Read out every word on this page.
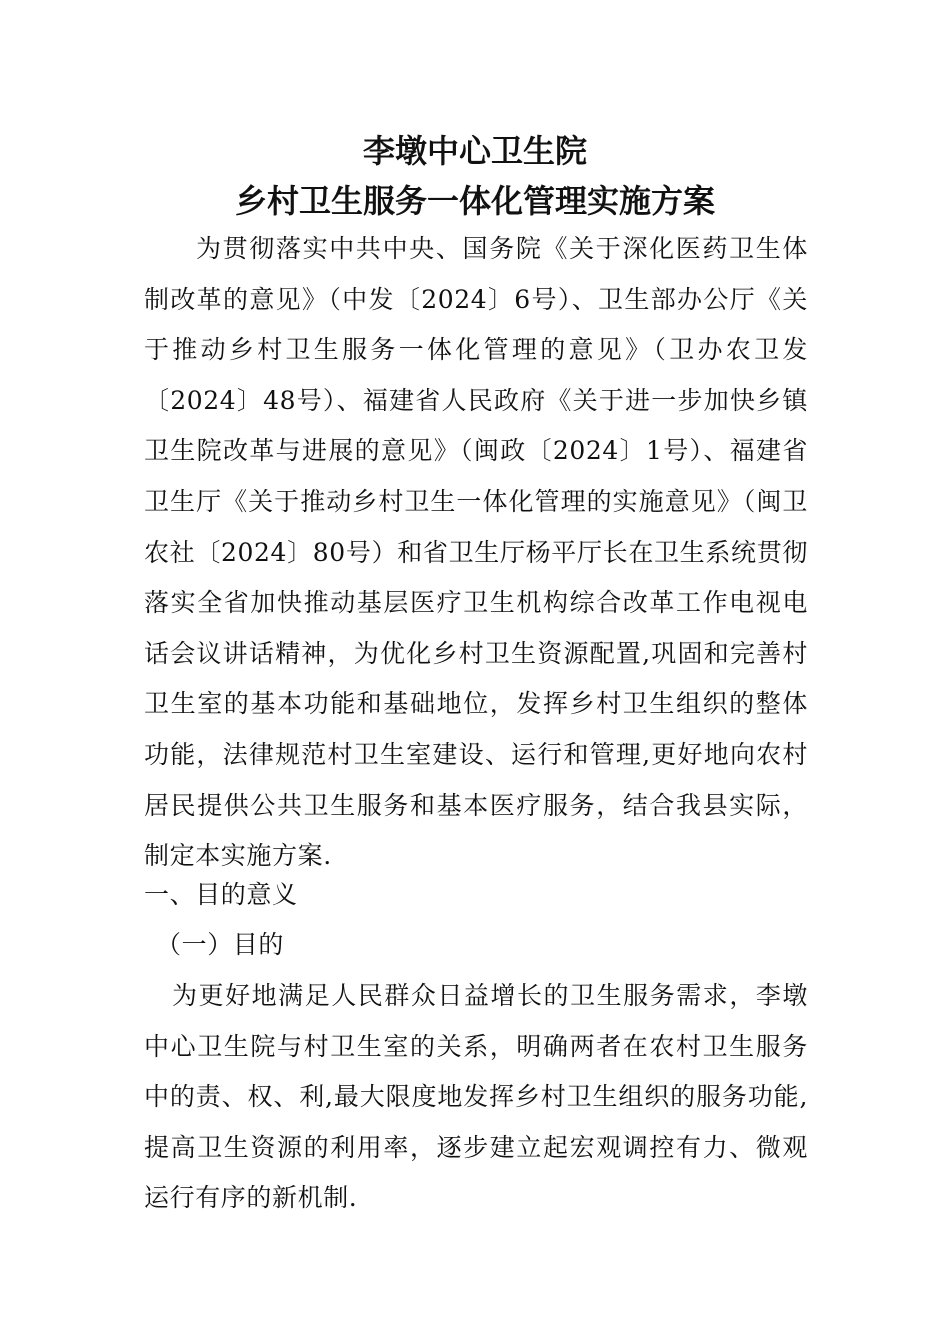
李墩中心卫生院
乡村卫生服务一体化管理实施方案

为贯彻落实中共中央、国务院《关于深化医药卫生体制改革的意见》（中发〔2024〕6号）、卫生部办公厅《关于推动乡村卫生服务一体化管理的意见》（卫办农卫发〔2024〕48号）、福建省人民政府《关于进一步加快乡镇卫生院改革与进展的意见》（闽政〔2024〕1号）、福建省卫生厅《关于推动乡村卫生一体化管理的实施意见》（闽卫农社〔2024〕80号）和省卫生厅杨平厅长在卫生系统贯彻落实全省加快推动基层医疗卫生机构综合改革工作电视电话会议讲话精神，为优化乡村卫生资源配置,巩固和完善村卫生室的基本功能和基础地位，发挥乡村卫生组织的整体功能，法律规范村卫生室建设、运行和管理,更好地向农村居民提供公共卫生服务和基本医疗服务，结合我县实际，制定本实施方案.

一、目的意义

（一）目的

为更好地满足人民群众日益增长的卫生服务需求，李墩中心卫生院与村卫生室的关系，明确两者在农村卫生服务中的责、权、利,最大限度地发挥乡村卫生组织的服务功能,提高卫生资源的利用率，逐步建立起宏观调控有力、微观运行有序的新机制.
